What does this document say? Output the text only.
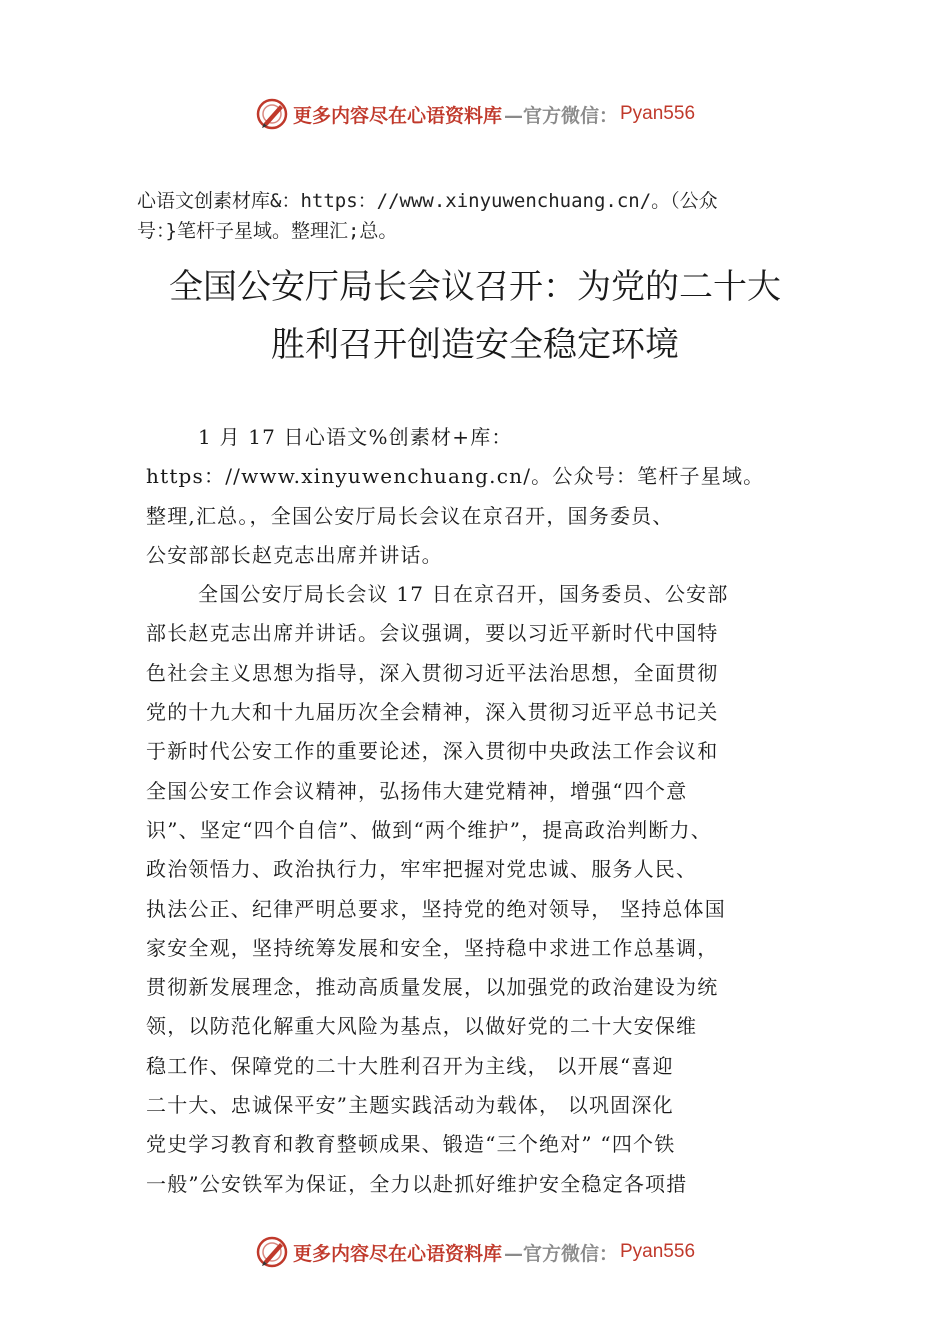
更多内容尽在心语资料库 —官方微信： Pyan556
心语文创素材库&：https：//www.xinyuwenchuang.cn/。（公众
号：}笔杆子星域。整理汇;总。
全国公安厅局长会议召开：为党的二十大
胜利召开创造安全稳定环境
1 月 17 日心语文%创素材+库：
https：//www.xinyuwenchuang.cn/。公众号：笔杆子星域。
整理,汇总。，全国公安厅局长会议在京召开，国务委员、
公安部部长赵克志出席并讲话。
全国公安厅局长会议 17 日在京召开，国务委员、公安部
部长赵克志出席并讲话。会议强调，要以习近平新时代中国特
色社会主义思想为指导，深入贯彻习近平法治思想，全面贯彻
党的十九大和十九届历次全会精神，深入贯彻习近平总书记关
于新时代公安工作的重要论述，深入贯彻中央政法工作会议和
全国公安工作会议精神，弘扬伟大建党精神，增强“四个意
识”、坚定“四个自信”、做到“两个维护”，提高政治判断力、
政治领悟力、政治执行力，牢牢把握对党忠诚、服务人民、
执法公正、纪律严明总要求，坚持党的绝对领导， 坚持总体国
家安全观，坚持统筹发展和安全，坚持稳中求进工作总基调，
贯彻新发展理念，推动高质量发展，以加强党的政治建设为统
领，以防范化解重大风险为基点，以做好党的二十大安保维
稳工作、保障党的二十大胜利召开为主线， 以开展“喜迎
二十大、忠诚保平安”主题实践活动为载体， 以巩固深化
党史学习教育和教育整顿成果、锻造“三个绝对” “四个铁
一般”公安铁军为保证，全力以赴抓好维护安全稳定各项措
更多内容尽在心语资料库 —官方微信： Pyan556
